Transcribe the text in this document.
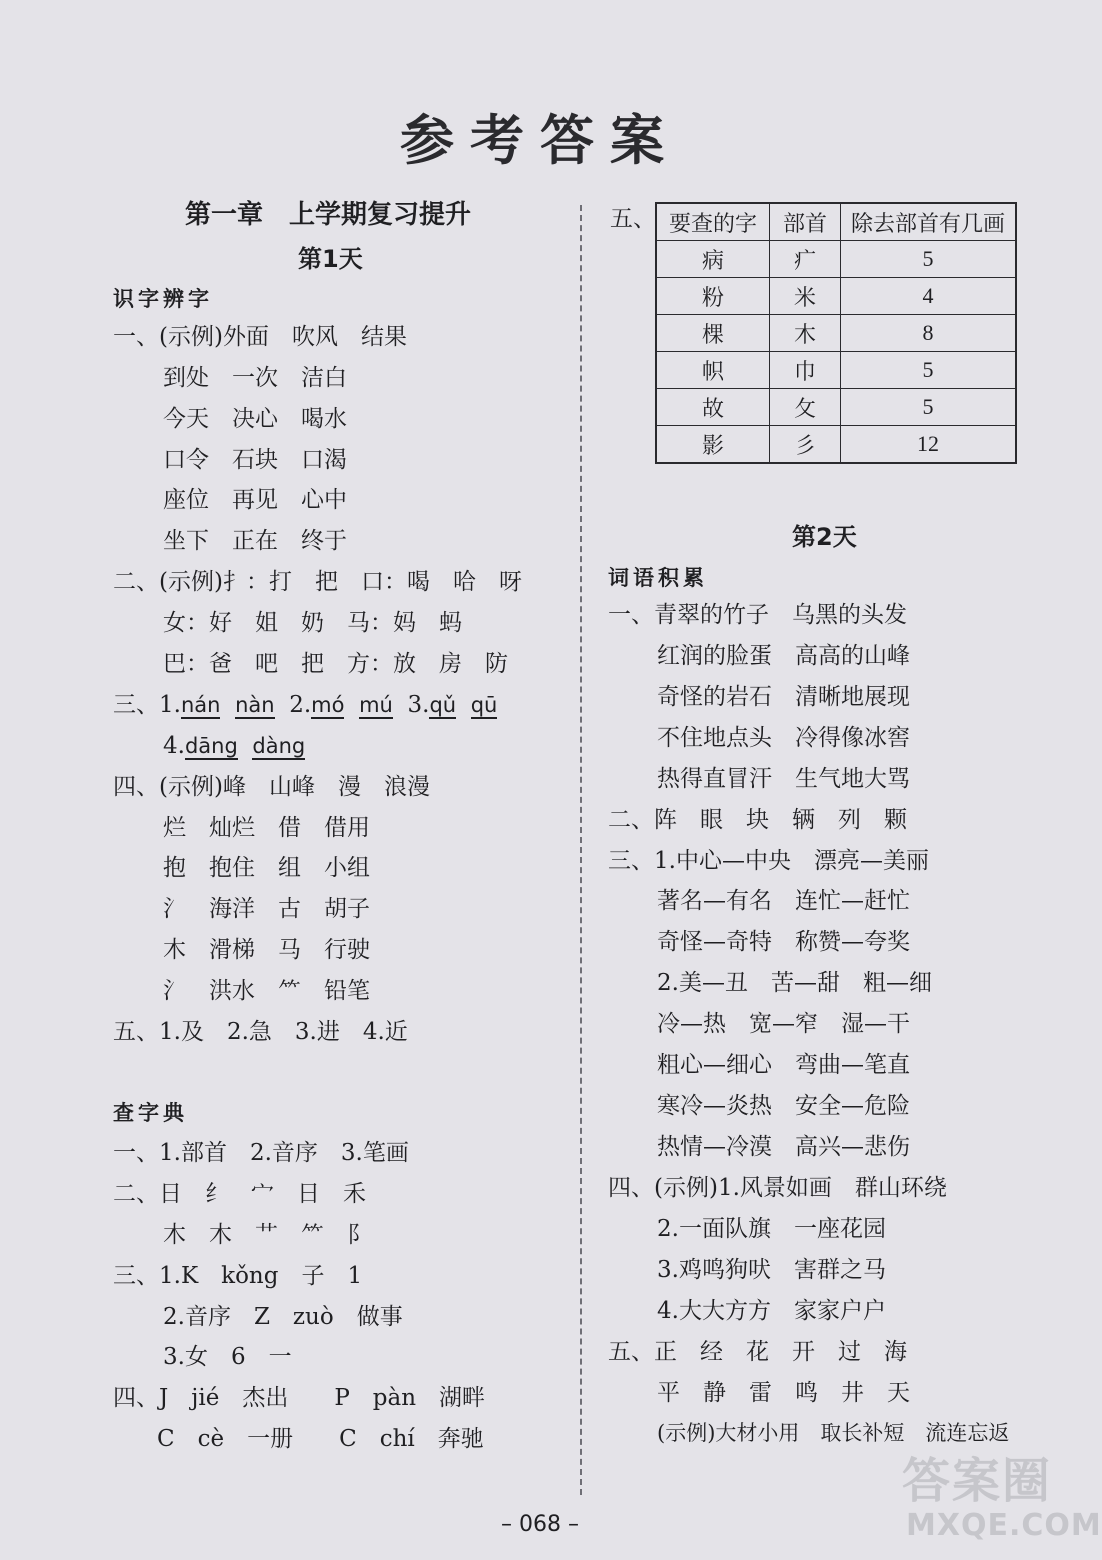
参考答案
第一章　上学期复习提升
第1天
识字辨字
一、(示例)外面　吹风　结果
到处　一次　洁白
今天　决心　喝水
口令　石块　口渴
座位　再见　心中
坐下　正在　终于
二、(示例)扌：打　把　口：喝　哈　呀
女：好　姐　奶　马：妈　蚂
巴：爸　吧　把　方：放　房　防
三、1.nán nàn 2.mó mú 3.qǔ qū
4.dāng dàng
四、(示例)峰　山峰　漫　浪漫
烂　灿烂　借　借用
抱　抱住　组　小组
氵　海洋　古　胡子
木　滑梯　马　行驶
氵　洪水　⺮　铅笔
五、1.及　2.急　3.进　4.近
查字典
一、1.部首　2.音序　3.笔画
二、日　纟　宀　日　禾
木　木　艹　⺮　阝
三、1.K　kǒng　子　1
2.音序　Z　zuò　做事
3.女　6　一
四、J　jié　杰出　　P　pàn　湖畔
C　cè　一册　　C　chí　奔驰
五、 要查的字	部首	除去部首有几画
病	疒	5
粉	米	4
棵	木	8
帜	巾	5
故	攵	5
影	彡	12
第2天
词语积累
一、青翠的竹子　乌黑的头发
红润的脸蛋　高高的山峰
奇怪的岩石　清晰地展现
不住地点头　冷得像冰窖
热得直冒汗　生气地大骂
二、阵　眼　块　辆　列　颗
三、1.中心—中央　漂亮—美丽
著名—有名　连忙—赶忙
奇怪—奇特　称赞—夸奖
2.美—丑　苦—甜　粗—细
冷—热　宽—窄　湿—干
粗心—细心　弯曲—笔直
寒冷—炎热　安全—危险
热情—冷漠　高兴—悲伤
四、(示例)1.风景如画　群山环绕
2.一面队旗　一座花园
3.鸡鸣狗吠　害群之马
4.大大方方　家家户户
五、正　经　花　开　过　海
平　静　雷　鸣　井　天
(示例)大材小用　取长补短　流连忘返
– 068 –
答案圈
MXQE.COM
